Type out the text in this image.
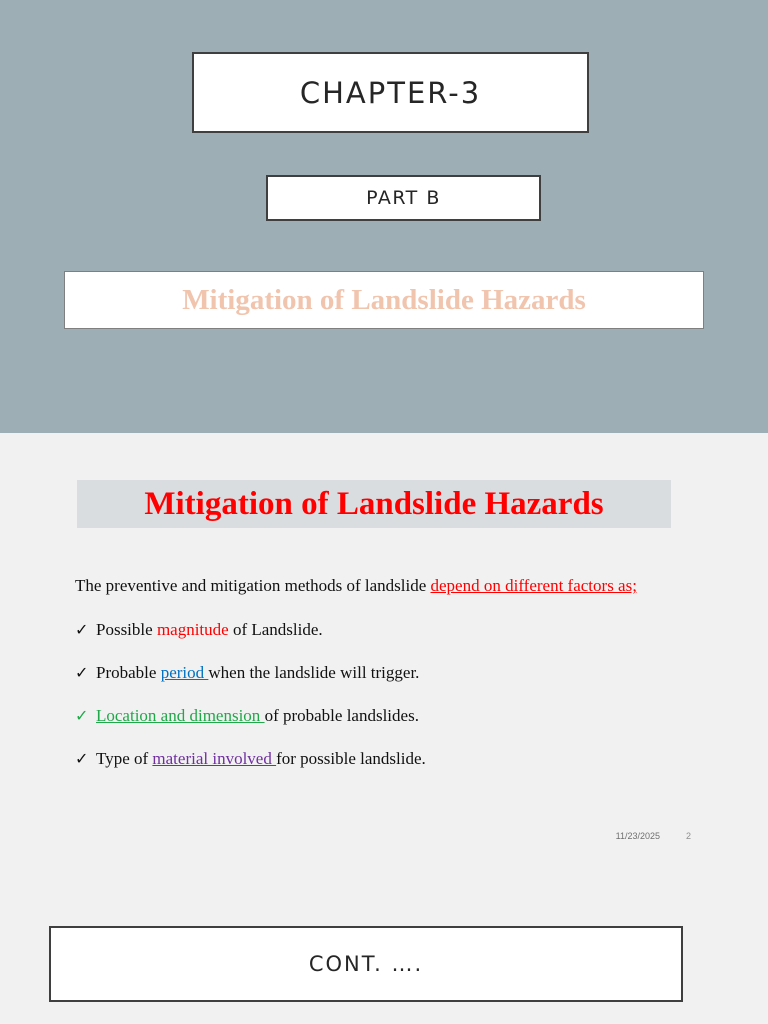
CHAPTER-3
PART B
Mitigation of Landslide Hazards
Mitigation of Landslide Hazards
The preventive and mitigation methods of landslide depend on different factors as;
✓ Possible magnitude of Landslide.
✓ Probable period when the landslide will trigger.
✓ Location and dimension of probable landslides.
✓ Type of material involved for possible landslide.
11/23/2025	2
CONT. ….
